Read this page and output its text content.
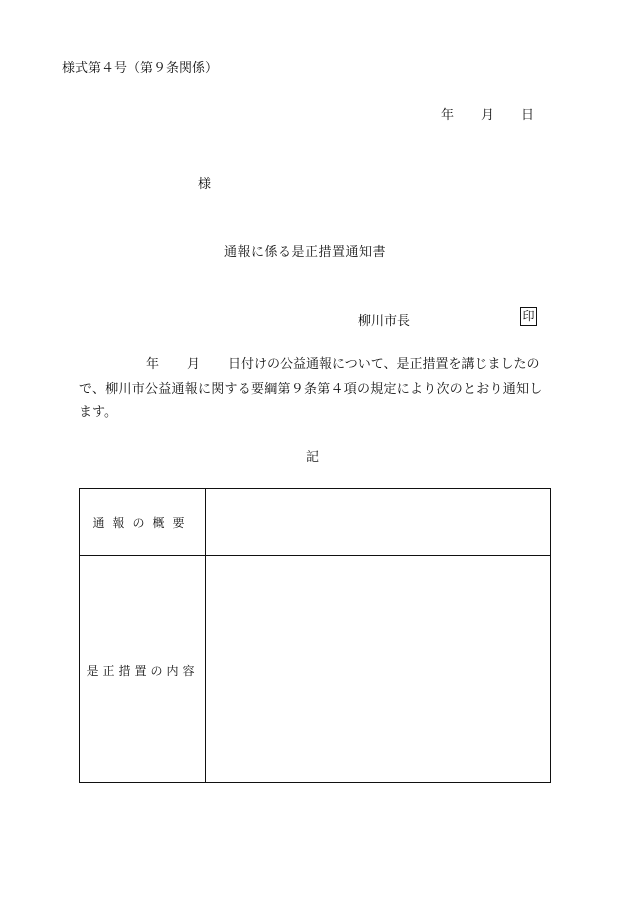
様式第４号（第９条関係）
年 月 日
様
通報に係る是正措置通知書
柳川市長	印
年 月 日付けの公益通報について、是正措置を講じましたの
で、柳川市公益通報に関する要綱第９条第４項の規定により次のとおり通知し
ます。
記
通報の概要
是正措置の内容
